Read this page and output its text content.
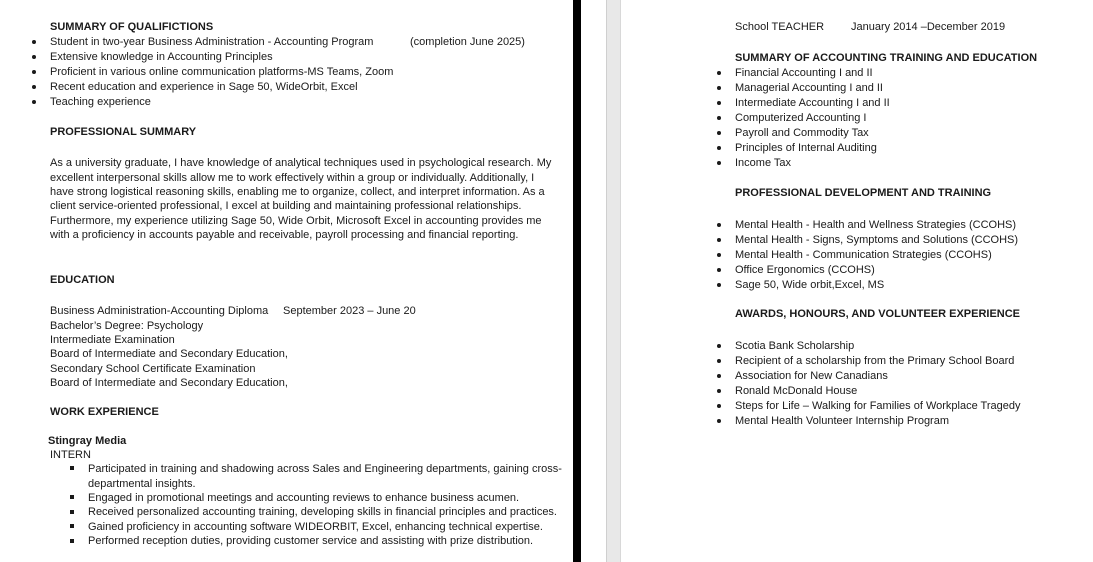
SUMMARY OF QUALIFICTIONS
Student in two-year Business Administration - Accounting Program	(completion June 2025)
Extensive knowledge in Accounting Principles
Proficient in various online communication platforms-MS Teams, Zoom
Recent education and experience in Sage 50, WideOrbit, Excel
Teaching experience
PROFESSIONAL SUMMARY
As a university graduate, I have knowledge of analytical techniques used in psychological research. My
excellent interpersonal skills allow me to work effectively within a group or individually. Additionally, I
have strong logistical reasoning skills, enabling me to organize, collect, and interpret information. As a
client service-oriented professional, I excel at building and maintaining professional relationships.
Furthermore, my experience utilizing Sage 50, Wide Orbit, Microsoft Excel in accounting provides me
with a proficiency in accounts payable and receivable, payroll processing and financial reporting.
EDUCATION
Business Administration-Accounting Diploma September 2023 – June 20
Bachelor’s Degree: Psychology
Intermediate Examination
Board of Intermediate and Secondary Education,
Secondary School Certificate Examination
Board of Intermediate and Secondary Education,
WORK EXPERIENCE
Stingray Media
INTERN
Participated in training and shadowing across Sales and Engineering departments, gaining cross-
departmental insights.
Engaged in promotional meetings and accounting reviews to enhance business acumen.
Received personalized accounting training, developing skills in financial principles and practices.
Gained proficiency in accounting software WIDEORBIT, Excel, enhancing technical expertise.
Performed reception duties, providing customer service and assisting with prize distribution.
School TEACHER January 2014 –December 2019
SUMMARY OF ACCOUNTING TRAINING AND EDUCATION
Financial Accounting I and II
Managerial Accounting I and II
Intermediate Accounting I and II
Computerized Accounting I
Payroll and Commodity Tax
Principles of Internal Auditing
Income Tax
PROFESSIONAL DEVELOPMENT AND TRAINING
Mental Health - Health and Wellness Strategies (CCOHS)
Mental Health - Signs, Symptoms and Solutions (CCOHS)
Mental Health - Communication Strategies (CCOHS)
Office Ergonomics (CCOHS)
Sage 50, Wide orbit,Excel, MS
AWARDS, HONOURS, AND VOLUNTEER EXPERIENCE
Scotia Bank Scholarship
Recipient of a scholarship from the Primary School Board
Association for New Canadians
Ronald McDonald House
Steps for Life – Walking for Families of Workplace Tragedy
Mental Health Volunteer Internship Program
